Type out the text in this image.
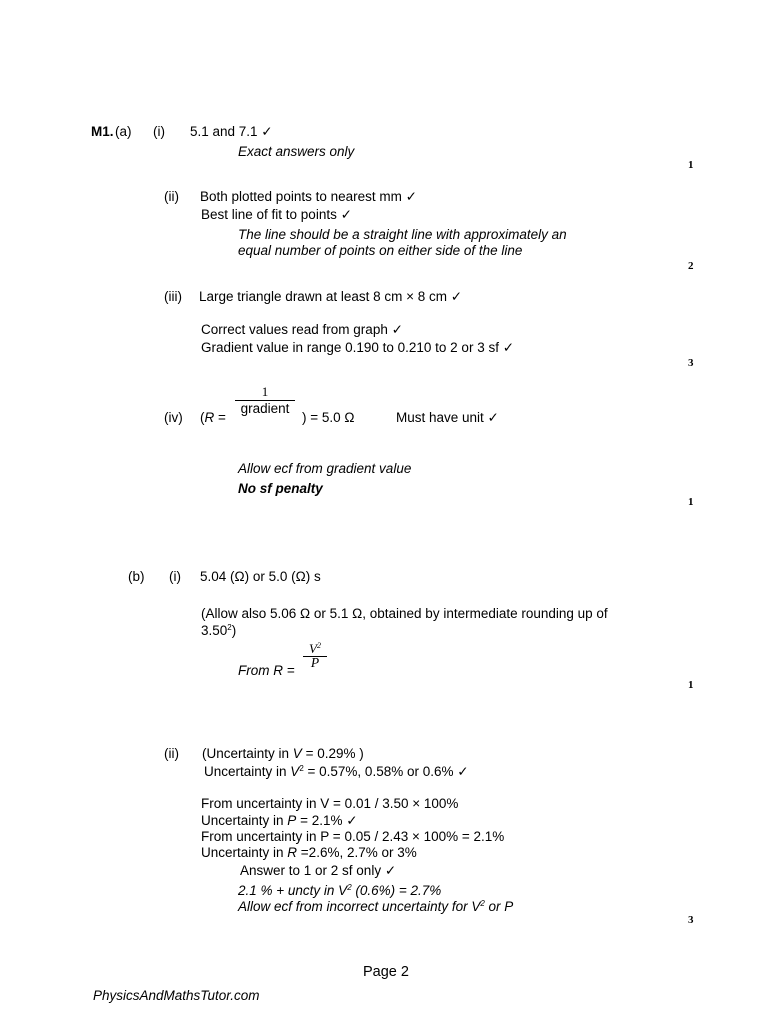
M1. (a) (i) 5.1 and 7.1 ✓
Exact answers only
1
(ii) Both plotted points to nearest mm ✓
Best line of fit to points ✓
The line should be a straight line with approximately an
equal number of points on either side of the line
2
(iii) Large triangle drawn at least 8 cm × 8 cm ✓
Correct values read from graph ✓
Gradient value in range 0.190 to 0.210 to 2 or 3 sf ✓
3
(iv) (R =
1
gradient
) = 5.0 Ω	Must have unit ✓
Allow ecf from gradient value
No sf penalty
1
(b) (i) 5.04 (Ω) or 5.0 (Ω) s
(Allow also 5.06 Ω or 5.1 Ω, obtained by intermediate rounding up of
3.50$^2$)
From R =
$V^2$
P
1
(ii) (Uncertainty in V = 0.29% )
Uncertainty in $V^2 = 0.57\%$, 0.58% or 0.6% ✓
From uncertainty in V = 0.01 / 3.50 × 100%
Uncertainty in P = 2.1% ✓
From uncertainty in P = 0.05 / 2.43 × 100% = 2.1%
Uncertainty in R =2.6%, 2.7% or 3%
Answer to 1 or 2 sf only ✓
2.1 % + uncty in $V^2$ (0.6%) = 2.7%
Allow ecf from incorrect uncertainty for $V^2$ or P
3
Page 2
PhysicsAndMathsTutor.com
